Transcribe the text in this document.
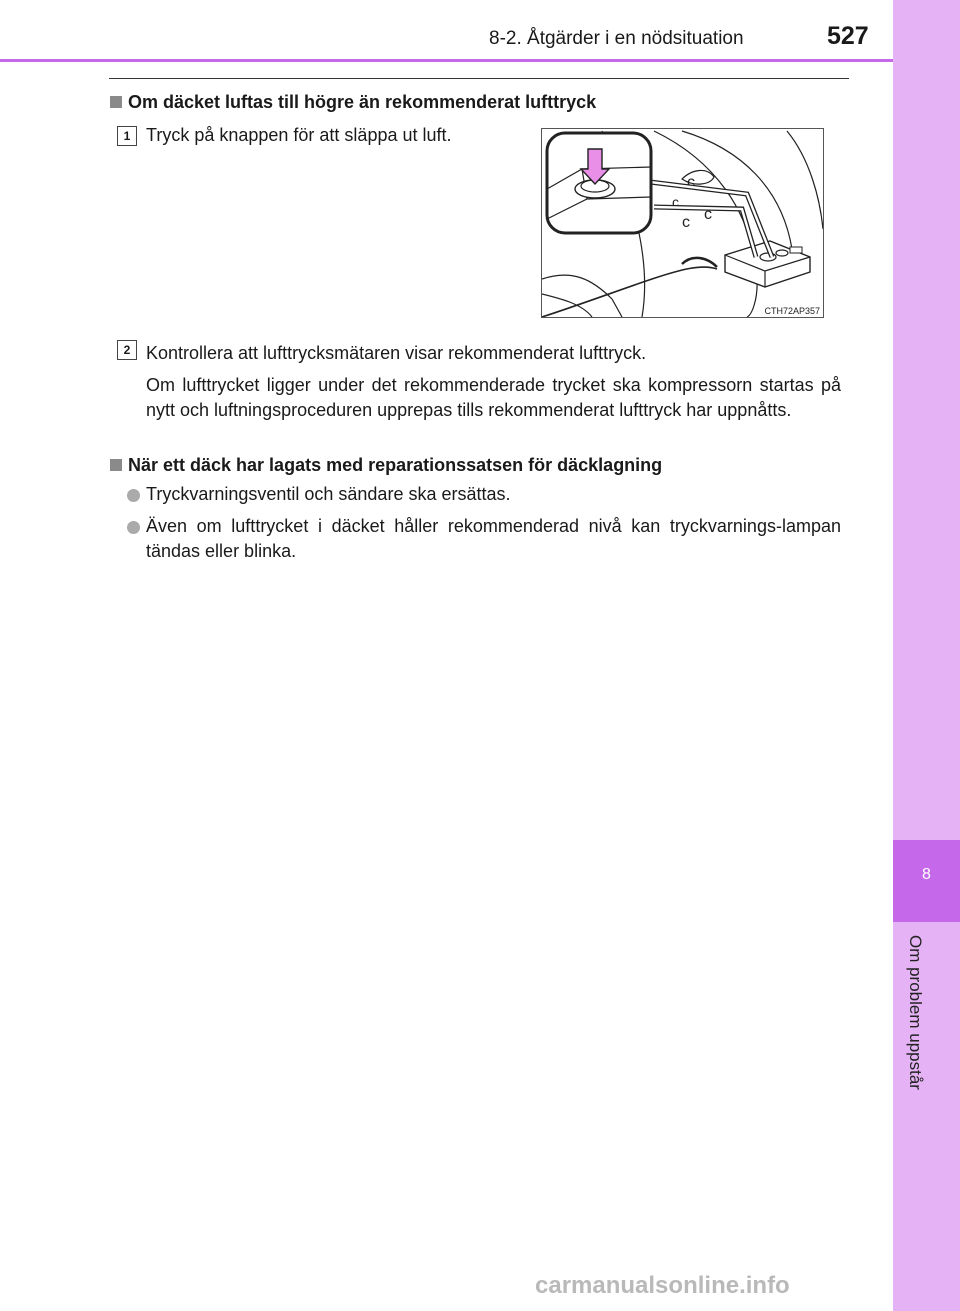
8
Om problem uppstår
8-2. Åtgärder i en nödsituation	527
Om däcket luftas till högre än rekommenderat lufttryck
1 Tryck på knappen för att släppa ut luft.
c
c
c
c
CTH72AP357
2 Kontrollera att lufttrycksmätaren visar rekommenderat lufttryck.
Om lufttrycket ligger under det rekommenderade trycket ska kompressorn startas på nytt och luftningsproceduren upprepas tills rekommenderat lufttryck har uppnåtts.
När ett däck har lagats med reparationssatsen för däcklagning
Tryckvarningsventil och sändare ska ersättas.
Även om lufttrycket i däcket håller rekommenderad nivå kan tryckvarnings-lampan tändas eller blinka.
carmanualsonline.info
